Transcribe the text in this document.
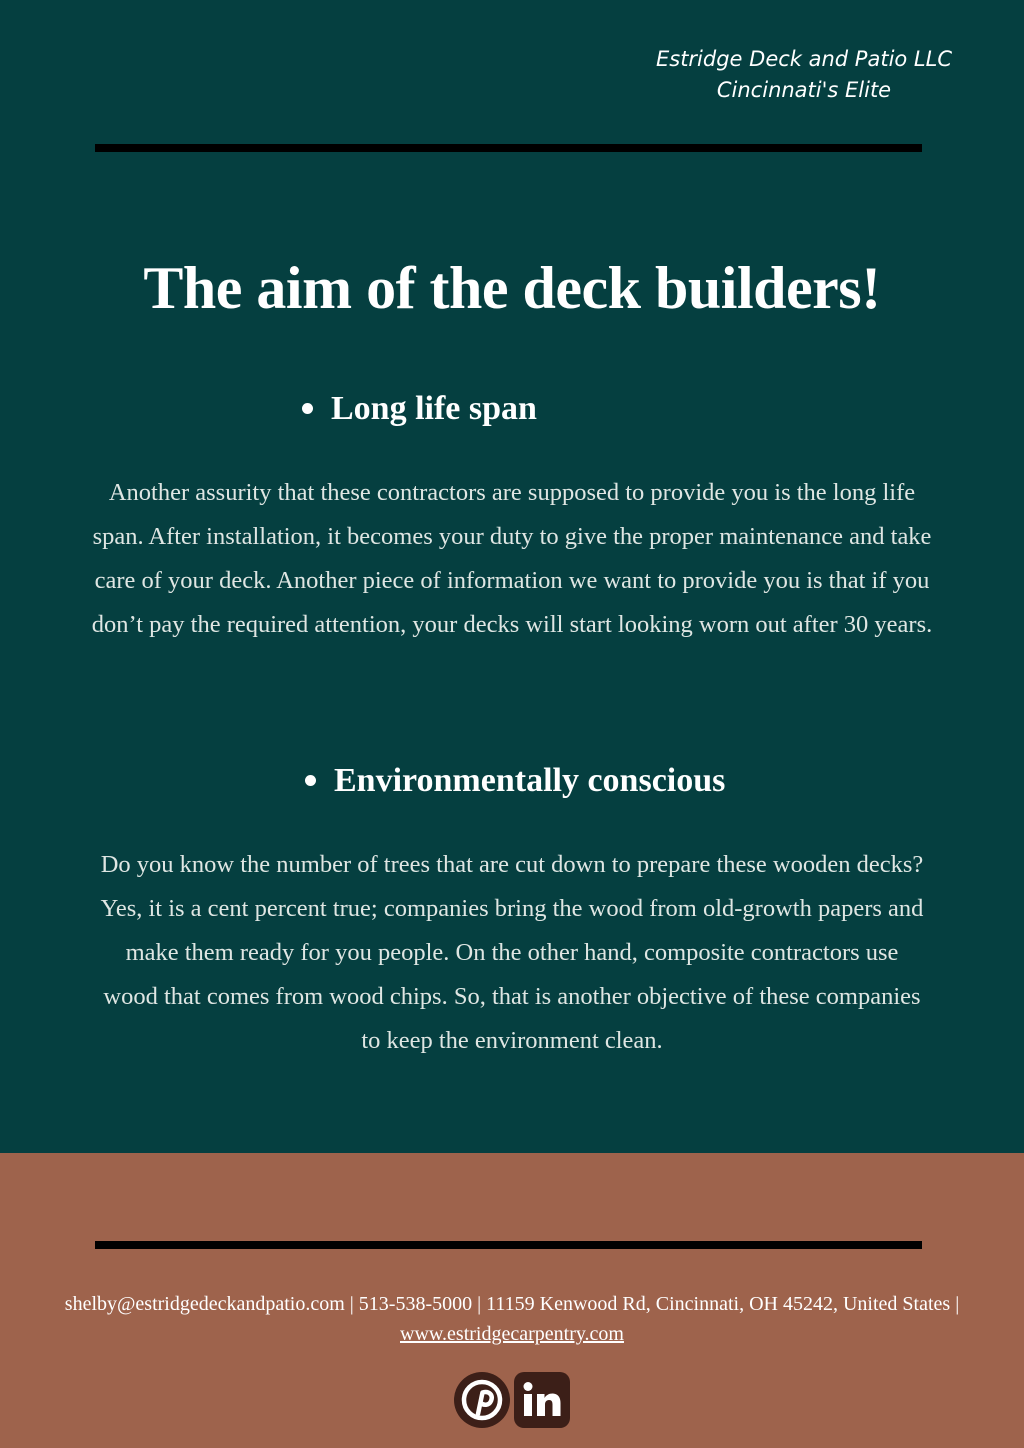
Estridge Deck and Patio LLC
Cincinnati's Elite
The aim of the deck builders!
Long life span

Another assurity that these contractors are supposed to provide you is the long life span. After installation, it becomes your duty to give the proper maintenance and take care of your deck. Another piece of information we want to provide you is that if you don’t pay the required attention, your decks will start looking worn out after 30 years.

Environmentally conscious

Do you know the number of trees that are cut down to prepare these wooden decks? Yes, it is a cent percent true; companies bring the wood from old-growth papers and make them ready for you people. On the other hand, composite contractors use wood that comes from wood chips. So, that is another objective of these companies to keep the environment clean.

shelby@estridgedeckandpatio.com | 513-538-5000 | 11159 Kenwood Rd, Cincinnati, OH 45242, United States |
www.estridgecarpentry.com
